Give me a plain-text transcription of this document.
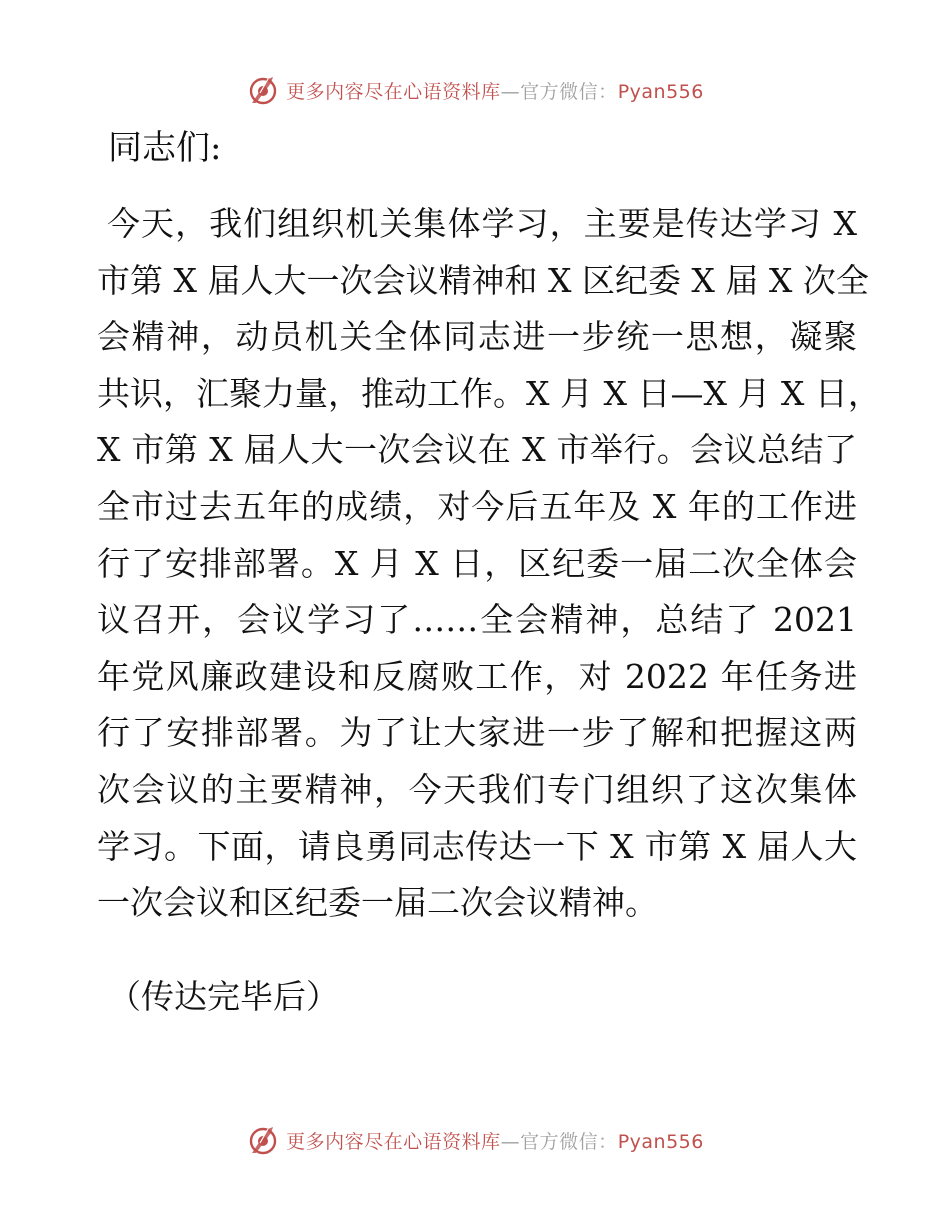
更多内容尽在心语资料库—官方微信：Pyan556
同志们:
今天，我们组织机关集体学习，主要是传达学习 X
市第 X 届人大一次会议精神和 X 区纪委 X 届 X 次全
会精神，动员机关全体同志进一步统一思想，凝聚
共识，汇聚力量，推动工作。X 月 X 日—X 月 X 日，
X 市第 X 届人大一次会议在 X 市举行。会议总结了
全市过去五年的成绩，对今后五年及 X 年的工作进
行了安排部署。X 月 X 日，区纪委一届二次全体会
议召开，会议学习了……全会精神，总结了 2021
年党风廉政建设和反腐败工作，对 2022 年任务进
行了安排部署。为了让大家进一步了解和把握这两
次会议的主要精神，今天我们专门组织了这次集体
学习。下面，请良勇同志传达一下 X 市第 X 届人大
一次会议和区纪委一届二次会议精神。
（传达完毕后）
更多内容尽在心语资料库—官方微信：Pyan556
